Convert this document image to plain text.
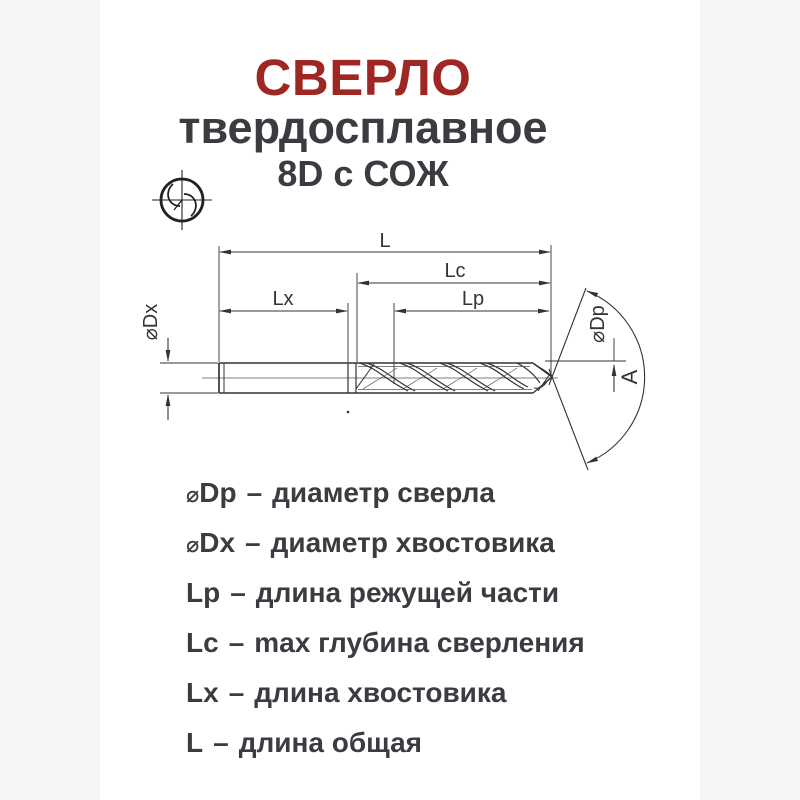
СВЕРЛО
твердосплавное
8D с СОЖ
L
Lc
Lp
Lx
⌀Dx	⌀Dp
A
⌀Dp – диаметр сверла
⌀Dx – диаметр хвостовика
Lp – длина режущей части
Lc – max глубина сверления
Lx – длина хвостовика
L – длина общая
